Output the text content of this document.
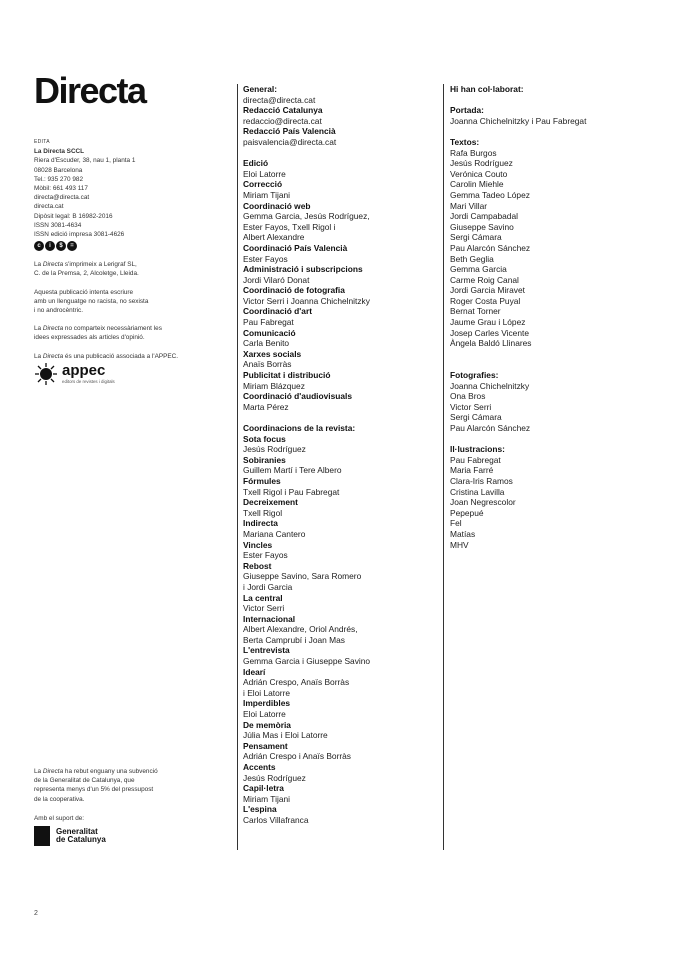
Directa

EDITA

La Directa SCCL

Riera d'Escuder, 38, nau 1, planta 1

08028 Barcelona

Tel.: 935 270 982

Mòbil: 661 493 117

directa@directa.cat

directa.cat

Dipòsit legal: B 16982-2016

ISSN 3081-4634

ISSN edició impresa 3081-4626

c	i	$	=

La Directa s'imprimeix a Lerigraf SL,

C. de la Premsa, 2, Alcoletge, Lleida.

Aquesta publicació intenta escriure

amb un llenguatge no racista, no sexista

i no androcèntric.

La Directa no comparteix necessàriament les

idees expressades als articles d'opinió.

La Directa és una publicació associada a l'APPEC.

appec
editors de revistes i digitals
La Directa ha rebut enguany una subvenció
de la Generalitat de Catalunya, que
representa menys d'un 5% del pressupost
de la cooperativa.
Amb el suport de:
Generalitat
de Catalunya
2
General:
directa@directa.cat
Redacció Catalunya
redaccio@directa.cat
Redacció País Valencià
paisvalencia@directa.cat
Edició
Eloi Latorre
Correcció
Miriam Tijani
Coordinació web
Gemma Garcia, Jesús Rodríguez,
Ester Fayos, Txell Rigol i
Albert Alexandre
Coordinació País Valencià
Ester Fayos
Administració i subscripcions
Jordi Vilaró Donat
Coordinació de fotografia
Victor Serri i Joanna Chichelnitzky
Coordinació d'art
Pau Fabregat
Comunicació
Carla Benito
Xarxes socials
Anaïs Borràs
Publicitat i distribució
Miriam Blázquez
Coordinació d'audiovisuals
Marta Pérez
Coordinacions de la revista:
Sota focus
Jesús Rodríguez
Sobiranies
Guillem Martí i Tere Albero
Fórmules
Txell Rigol i Pau Fabregat
Decreixement
Txell Rigol
Indirecta
Mariana Cantero
Vincles
Ester Fayos
Rebost
Giuseppe Savino, Sara Romero
i Jordi Garcia
La central
Victor Serri
Internacional
Albert Alexandre, Oriol Andrés,
Berta Camprubí i Joan Mas
L'entrevista
Gemma Garcia i Giuseppe Savino
Idearí
Adrián Crespo, Anaïs Borràs
i Eloi Latorre
Imperdibles
Eloi Latorre
De memòria
Júlia Mas i Eloi Latorre
Pensament
Adrián Crespo i Anaïs Borràs
Accents
Jesús Rodríguez
Capil·letra
Miriam Tijani
L'espina
Carlos Villafranca
Hi han col·laborat:
Portada:
Joanna Chichelnitzky i Pau Fabregat
Textos:
Rafa Burgos
Jesús Rodríguez
Verónica Couto
Carolin Miehle
Gemma Tadeo López
Mari Villar
Jordi Campabadal
Giuseppe Savino
Sergi Cámara
Pau Alarcón Sánchez
Beth Geglia
Gemma Garcia
Carme Roig Canal
Jordi Garcia Miravet
Roger Costa Puyal
Bernat Torner
Jaume Grau i López
Josep Carles Vicente
Àngela Baldó Llinares
Fotografies:
Joanna Chichelnitzky
Ona Bros
Victor Serri
Sergi Cámara
Pau Alarcón Sánchez
Il·lustracions:
Pau Fabregat
Maria Farré
Clara-Iris Ramos
Cristina Lavilla
Joan Negrescolor
Pepepué
Fel
Matías
MHV
